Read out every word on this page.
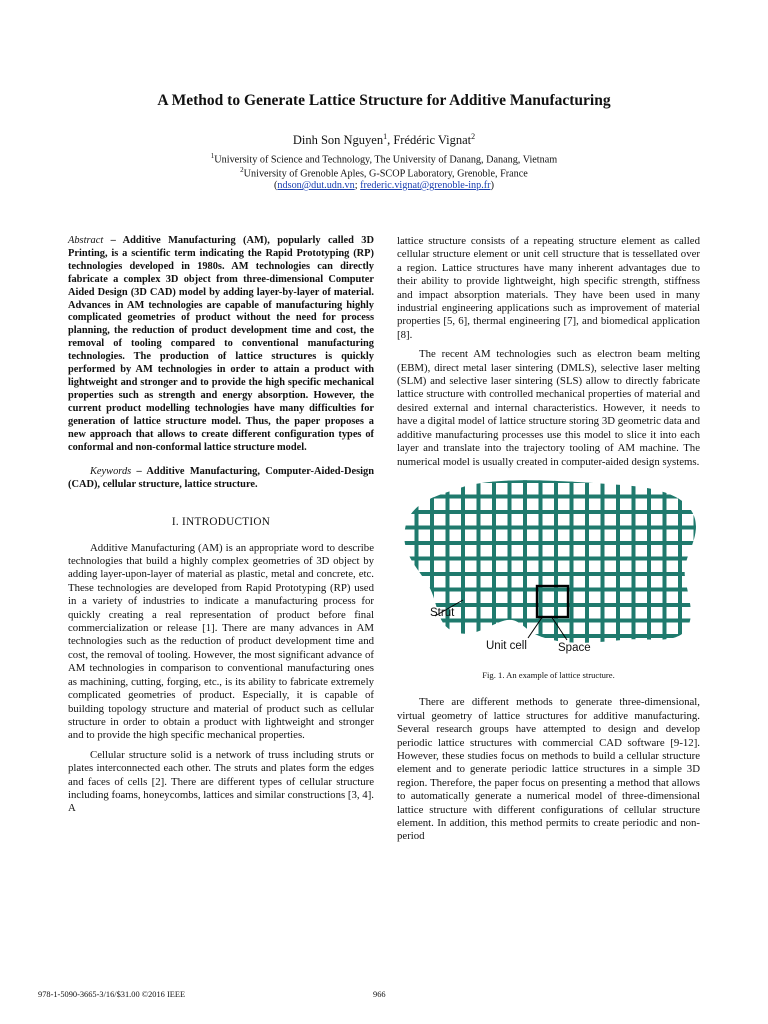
A Method to Generate Lattice Structure for Additive Manufacturing
Dinh Son Nguyen$^1$, Frédéric Vignat$^2$
$^1$University of Science and Technology, The University of Danang, Danang, Vietnam
$^2$University of Grenoble Aples, G-SCOP Laboratory, Grenoble, France
(ndson@dut.udn.vn; frederic.vignat@grenoble-inp.fr)

Abstract – Additive Manufacturing (AM), popularly called 3D Printing, is a scientific term indicating the Rapid Prototyping (RP) technologies developed in 1980s. AM technologies can directly fabricate a complex 3D object from three-dimensional Computer Aided Design (3D CAD) model by adding layer-by-layer of material. Advances in AM technologies are capable of manufacturing highly complicated geometries of product without the need for process planning, the reduction of product development time and cost, the removal of tooling compared to conventional manufacturing technologies. The production of lattice structures is quickly performed by AM technologies in order to attain a product with lightweight and stronger and to provide the high specific mechanical properties such as strength and energy absorption. However, the current product modelling technologies have many difficulties for generation of lattice structure model. Thus, the paper proposes a new approach that allows to create different configuration types of conformal and non-conformal lattice structure model.

Keywords – Additive Manufacturing, Computer-Aided-Design (CAD), cellular structure, lattice structure.

I. INTRODUCTION

Additive Manufacturing (AM) is an appropriate word to describe technologies that build a highly complex geometries of 3D object by adding layer-upon-layer of material as plastic, metal and concrete, etc. These technologies are developed from Rapid Prototyping (RP) used in a variety of industries to indicate a manufacturing process for quickly creating a real representation of product before final commercialization or release [1]. There are many advances in AM technologies such as the reduction of product development time and cost, the removal of tooling. However, the most significant advance of AM technologies in comparison to conventional manufacturing ones as machining, cutting, forging, etc., is its ability to fabricate extremely complicated geometries of product. Especially, it is capable of building topology structure and material of product such as cellular structure in order to obtain a product with lightweight and stronger and to provide the high specific mechanical properties.

Cellular structure solid is a network of truss including struts or plates interconnected each other. The struts and plates form the edges and faces of cells [2]. There are different types of cellular structure including foams, honeycombs, lattices and similar constructions [3, 4]. A

lattice structure consists of a repeating structure element as called cellular structure element or unit cell structure that is tessellated over a region. Lattice structures have many inherent advantages due to their ability to provide lightweight, high specific strength, stiffness and impact absorption materials. They have been used in many industrial engineering applications such as improvement of material properties [5, 6], thermal engineering [7], and biomedical application [8].

The recent AM technologies such as electron beam melting (EBM), direct metal laser sintering (DMLS), selective laser melting (SLM) and selective laser sintering (SLS) allow to directly fabricate lattice structure with controlled mechanical properties of material and desired external and internal characteristics. However, it needs to have a digital model of lattice structure storing 3D geometric data and additive manufacturing processes use this model to slice it into each layer and translate into the trajectory tooling of AM machine. The numerical model is usually created in computer-aided design systems.

Strut
Unit cell	Space

Fig. 1. An example of lattice structure.

There are different methods to generate three-dimensional, virtual geometry of lattice structures for additive manufacturing. Several research groups have attempted to design and develop periodic lattice structures with commercial CAD software [9-12]. However, these studies focus on methods to build a cellular structure element and to generate periodic lattice structures in a simple 3D region. Therefore, the paper focus on presenting a method that allows to automatically generate a numerical model of three-dimensional lattice structure with different configurations of cellular structure element. In addition, this method permits to create periodic and non-period

978-1-5090-3665-3/16/$31.00 ©2016 IEEE	966
